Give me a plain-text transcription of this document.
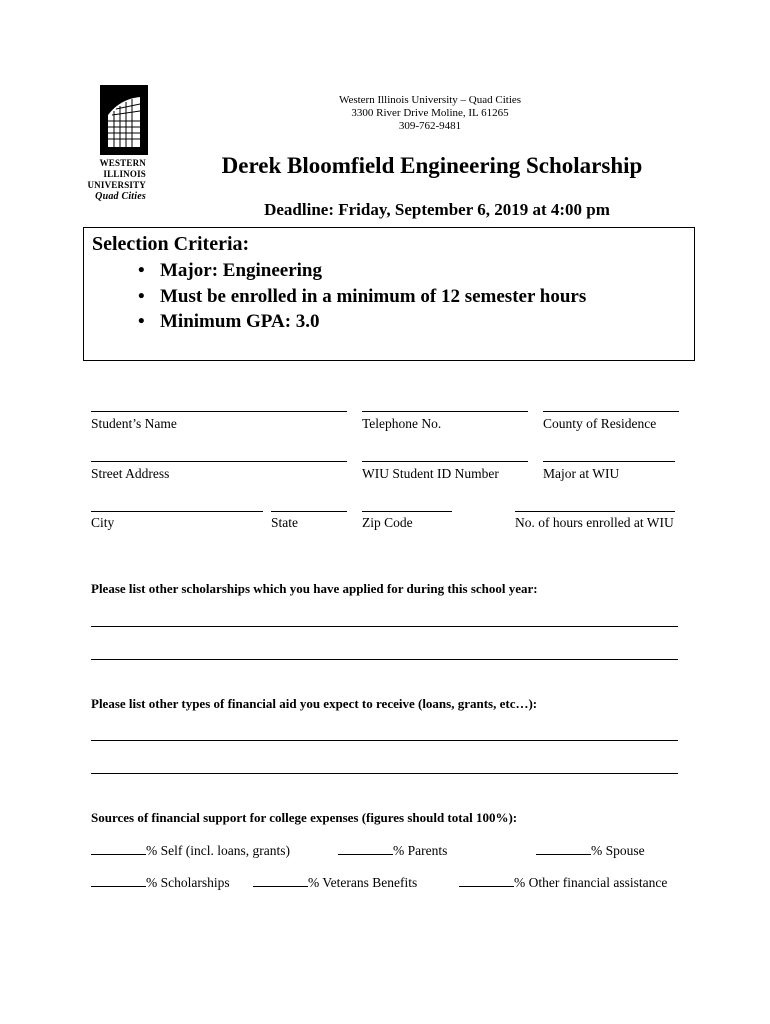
WESTERN
ILLINOIS
UNIVERSITY
Quad Cities
Western Illinois University – Quad Cities
3300 River Drive Moline, IL 61265
309-762-9481
Derek Bloomfield Engineering Scholarship
Deadline: Friday, September 6, 2019 at 4:00 pm
Selection Criteria:
• Major: Engineering
• Must be enrolled in a minimum of 12 semester hours
• Minimum GPA: 3.0
Student’s Name	Telephone No.	County of Residence
Street Address	WIU Student ID Number	Major at WIU
City	State	Zip Code	No. of hours enrolled at WIU
Please list other scholarships which you have applied for during this school year:
Please list other types of financial aid you expect to receive (loans, grants, etc…):
Sources of financial support for college expenses (figures should total 100%):
% Self (incl. loans, grants)	% Parents	% Spouse
% Scholarships	% Veterans Benefits	% Other financial assistance
